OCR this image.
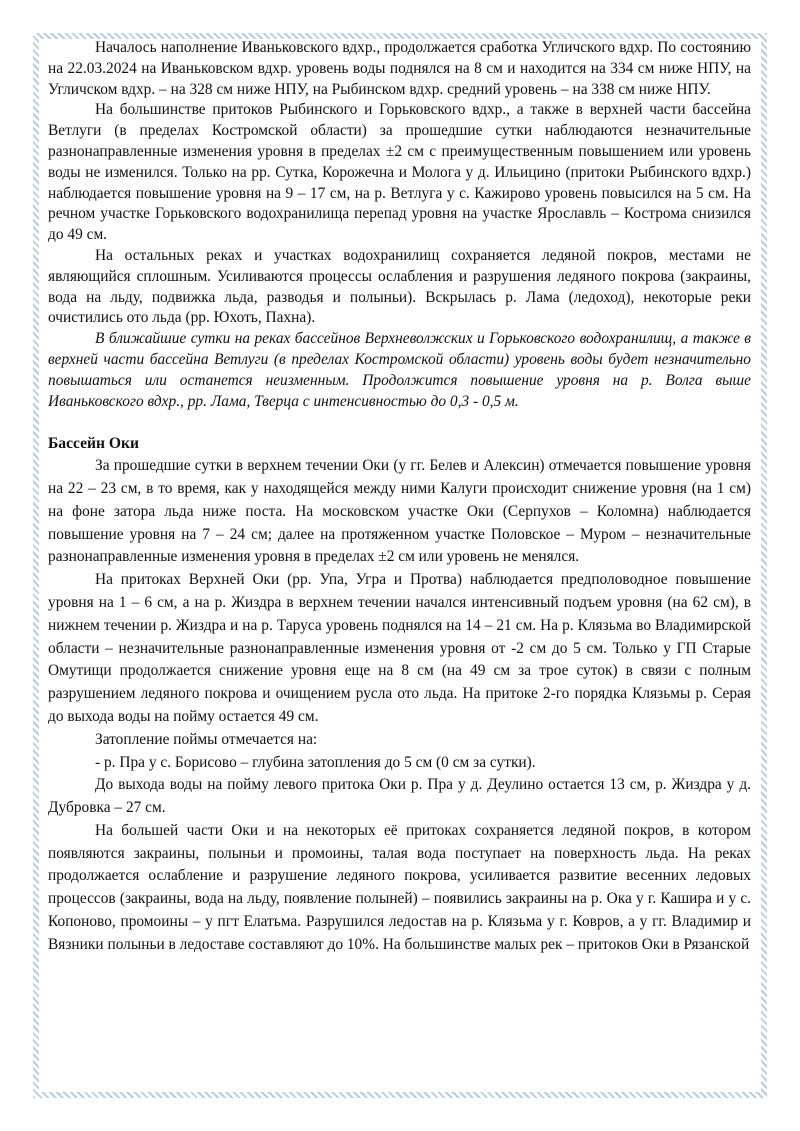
Началось наполнение Иваньковского вдхр., продолжается сработка Угличского вдхр. По состоянию на 22.03.2024 на Иваньковском вдхр. уровень воды поднялся на 8 см и находится на 334 см ниже НПУ, на Угличском вдхр. – на 328 см ниже НПУ, на Рыбинском вдхр. средний уровень – на 338 см ниже НПУ.

На большинстве притоков Рыбинского и Горьковского вдхр., а также в верхней части бассейна Ветлуги (в пределах Костромской области) за прошедшие сутки наблюдаются незначительные разнонаправленные изменения уровня в пределах ±2 см с преимущественным повышением или уровень воды не изменился. Только на рр. Сутка, Корожечна и Молога у д. Ильицино (притоки Рыбинского вдхр.) наблюдается повышение уровня на 9 – 17 см, на р. Ветлуга у с. Кажирово уровень повысился на 5 см. На речном участке Горьковского водохранилища перепад уровня на участке Ярославль – Кострома снизился до 49 см.

На остальных реках и участках водохранилищ сохраняется ледяной покров, местами не являющийся сплошным. Усиливаются процессы ослабления и разрушения ледяного покрова (закраины, вода на льду, подвижка льда, разводья и полыньи). Вскрылась р. Лама (ледоход), некоторые реки очистились ото льда (рр. Юхоть, Пахна).

В ближайшие сутки на реках бассейнов Верхневолжских и Горьковского водохранилищ, а также в верхней части бассейна Ветлуги (в пределах Костромской области) уровень воды будет незначительно повышаться или останется неизменным. Продолжится повышение уровня на р. Волга выше Иваньковского вдхр., рр. Лама, Тверца с интенсивностью до 0,3 - 0,5 м.

Бассейн Оки

За прошедшие сутки в верхнем течении Оки (у гг. Белев и Алексин) отмечается повышение уровня на 22 – 23 см, в то время, как у находящейся между ними Калуги происходит снижение уровня (на 1 см) на фоне затора льда ниже поста. На московском участке Оки (Серпухов – Коломна) наблюдается повышение уровня на 7 – 24 см; далее на протяженном участке Половское – Муром – незначительные разнонаправленные изменения уровня в пределах ±2 см или уровень не менялся.

На притоках Верхней Оки (рр. Упа, Угра и Протва) наблюдается предполоводное повышение уровня на 1 – 6 см, а на р. Жиздра в верхнем течении начался интенсивный подъем уровня (на 62 см), в нижнем течении р. Жиздра и на р. Таруса уровень поднялся на 14 – 21 см. На р. Клязьма во Владимирской области – незначительные разнонаправленные изменения уровня от -2 см до 5 см. Только у ГП Старые Омутищи продолжается снижение уровня еще на 8 см (на 49 см за трое суток) в связи с полным разрушением ледяного покрова и очищением русла ото льда. На притоке 2-го порядка Клязьмы р. Серая до выхода воды на пойму остается 49 см.

Затопление поймы отмечается на:

- р. Пра у с. Борисово – глубина затопления до 5 см (0 см за сутки).

До выхода воды на пойму левого притока Оки р. Пра у д. Деулино остается 13 см, р. Жиздра у д. Дубровка – 27 см.

На большей части Оки и на некоторых её притоках сохраняется ледяной покров, в котором появляются закраины, полыньи и промоины, талая вода поступает на поверхность льда. На реках продолжается ослабление и разрушение ледяного покрова, усиливается развитие весенних ледовых процессов (закраины, вода на льду, появление полыней) – появились закраины на р. Ока у г. Кашира и у с. Копоново, промоины – у пгт Елатьма. Разрушился ледостав на р. Клязьма у г. Ковров, а у гг. Владимир и Вязники полыньи в ледоставе составляют до 10%. На большинстве малых рек – притоков Оки в Рязанской
